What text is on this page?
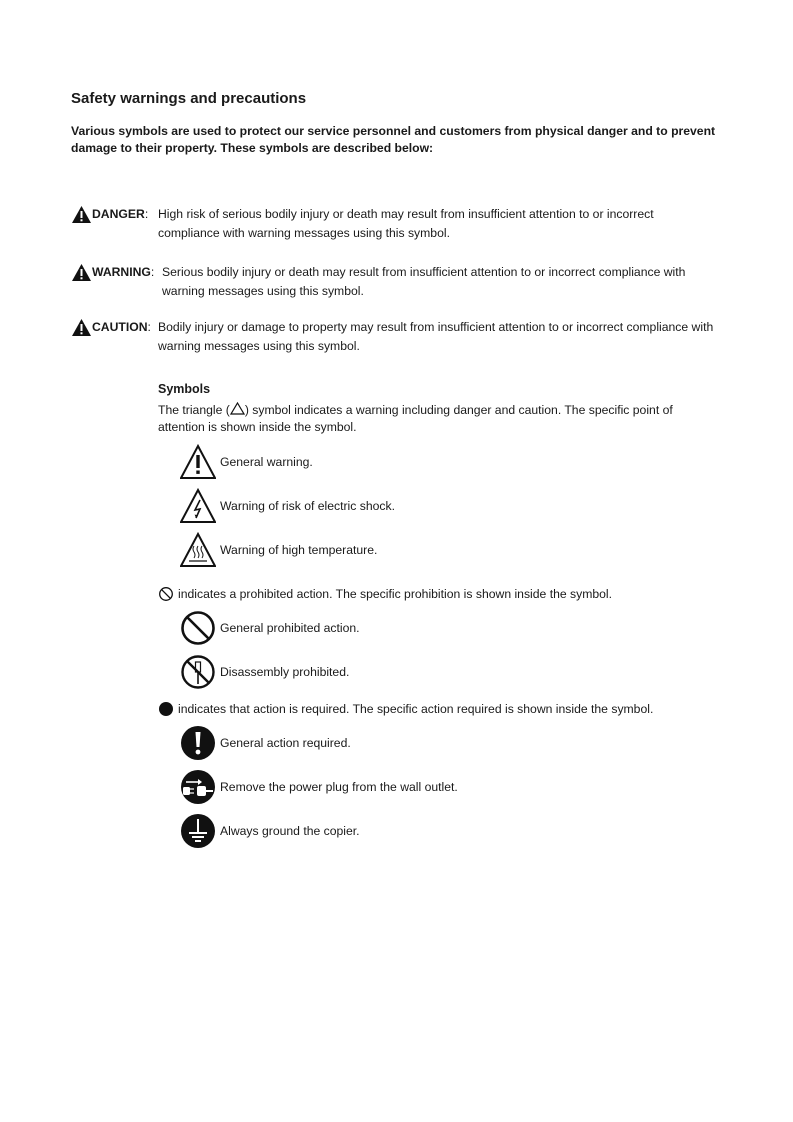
Safety warnings and precautions
Various symbols are used to protect our service personnel and customers from physical danger and to prevent damage to their property. These symbols are described below:
DANGER : High risk of serious bodily injury or death may result from insufficient attention to or incorrect compliance with warning messages using this symbol.
WARNING : Serious bodily injury or death may result from insufficient attention to or incorrect compliance with warning messages using this symbol.
CAUTION : Bodily injury or damage to property may result from insufficient attention to or incorrect compliance with warning messages using this symbol.
Symbols
The triangle ( ) symbol indicates a warning including danger and caution. The specific point of attention is shown inside the symbol.
General warning.
Warning of risk of electric shock.
Warning of high temperature.
indicates a prohibited action. The specific prohibition is shown inside the symbol.
General prohibited action.
Disassembly prohibited.
indicates that action is required. The specific action required is shown inside the symbol.
General action required.
Remove the power plug from the wall outlet.
Always ground the copier.
